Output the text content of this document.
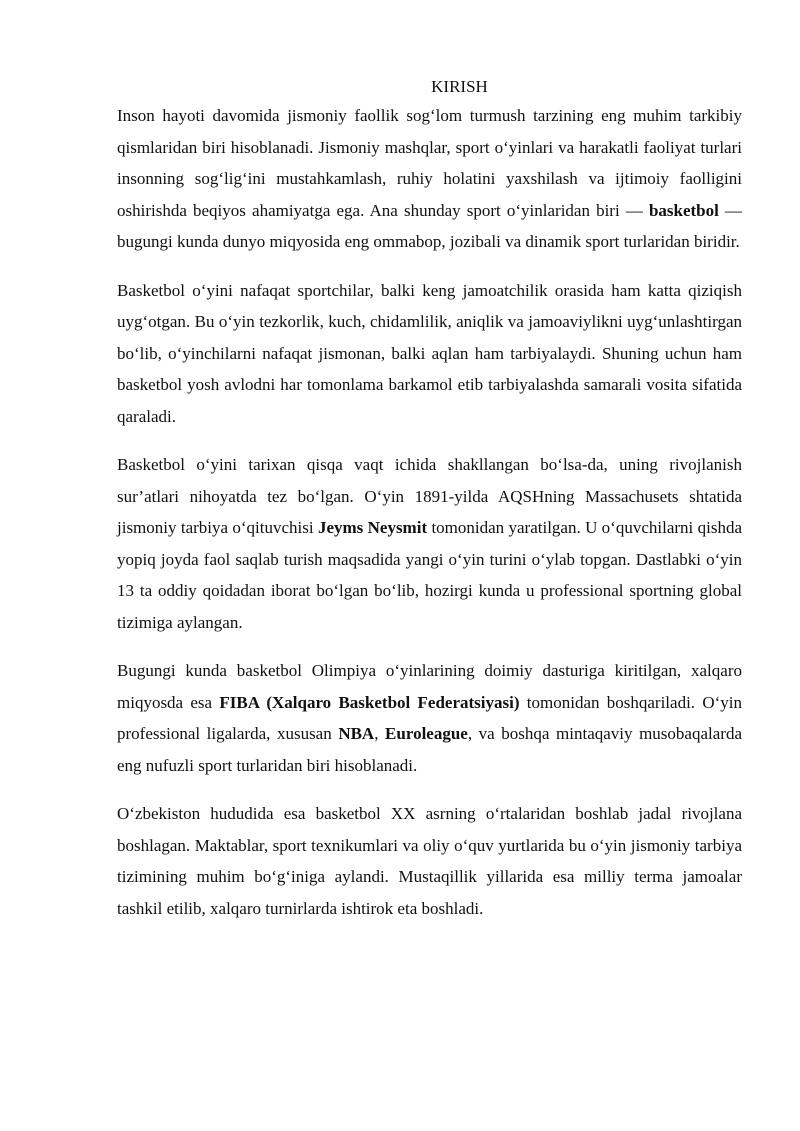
KIRISH

Inson hayoti davomida jismoniy faollik sog‘lom turmush tarzining eng muhim tarkibiy qismlaridan biri hisoblanadi. Jismoniy mashqlar, sport o‘yinlari va harakatli faoliyat turlari insonning sog‘lig‘ini mustahkamlash, ruhiy holatini yaxshilash va ijtimoiy faolligini oshirishda beqiyos ahamiyatga ega. Ana shunday sport o‘yinlaridan biri — basketbol — bugungi kunda dunyo miqyosida eng ommabop, jozibali va dinamik sport turlaridan biridir.

Basketbol o‘yini nafaqat sportchilar, balki keng jamoatchilik orasida ham katta qiziqish uyg‘otgan. Bu o‘yin tezkorlik, kuch, chidamlilik, aniqlik va jamoaviylikni uyg‘unlashtirgan bo‘lib, o‘yinchilarni nafaqat jismonan, balki aqlan ham tarbiyalaydi. Shuning uchun ham basketbol yosh avlodni har tomonlama barkamol etib tarbiyalashda samarali vosita sifatida qaraladi.

Basketbol o‘yini tarixan qisqa vaqt ichida shakllangan bo‘lsa-da, uning rivojlanish sur’atlari nihoyatda tez bo‘lgan. O‘yin 1891-yilda AQSHning Massachusets shtatida jismoniy tarbiya o‘qituvchisi Jeyms Neysmit tomonidan yaratilgan. U o‘quvchilarni qishda yopiq joyda faol saqlab turish maqsadida yangi o‘yin turini o‘ylab topgan. Dastlabki o‘yin 13 ta oddiy qoidadan iborat bo‘lgan bo‘lib, hozirgi kunda u professional sportning global tizimiga aylangan.

Bugungi kunda basketbol Olimpiya o‘yinlarining doimiy dasturiga kiritilgan, xalqaro miqyosda esa FIBA (Xalqaro Basketbol Federatsiyasi) tomonidan boshqariladi. O‘yin professional ligalarda, xususan NBA, Euroleague, va boshqa mintaqaviy musobaqalarda eng nufuzli sport turlaridan biri hisoblanadi.

O‘zbekiston hududida esa basketbol XX asrning o‘rtalaridan boshlab jadal rivojlana boshlagan. Maktablar, sport texnikumlari va oliy o‘quv yurtlarida bu o‘yin jismoniy tarbiya tizimining muhim bo‘g‘iniga aylandi. Mustaqillik yillarida esa milliy terma jamoalar tashkil etilib, xalqaro turnirlarda ishtirok eta boshladi.
